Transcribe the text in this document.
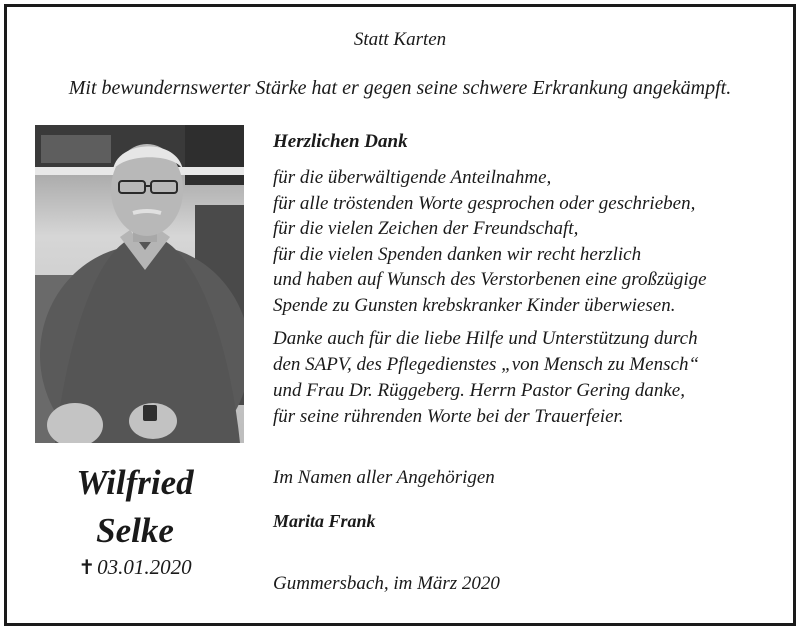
Statt Karten
Mit bewundernswerter Stärke hat er gegen seine schwere Erkrankung angekämpft.
Wilfried
Selke
✝03.01.2020
Herzlichen Dank
für die überwältigende Anteilnahme,
für alle tröstenden Worte gesprochen oder geschrieben,
für die vielen Zeichen der Freundschaft,
für die vielen Spenden danken wir recht herzlich
und haben auf Wunsch des Verstorbenen eine großzügige
Spende zu Gunsten krebskranker Kinder überwiesen.
Danke auch für die liebe Hilfe und Unterstützung durch
den SAPV, des Pflegedienstes „von Mensch zu Mensch“
und Frau Dr. Rüggeberg. Herrn Pastor Gering danke,
für seine rührenden Worte bei der Trauerfeier.
Im Namen aller Angehörigen
Marita Frank
Gummersbach, im März 2020
